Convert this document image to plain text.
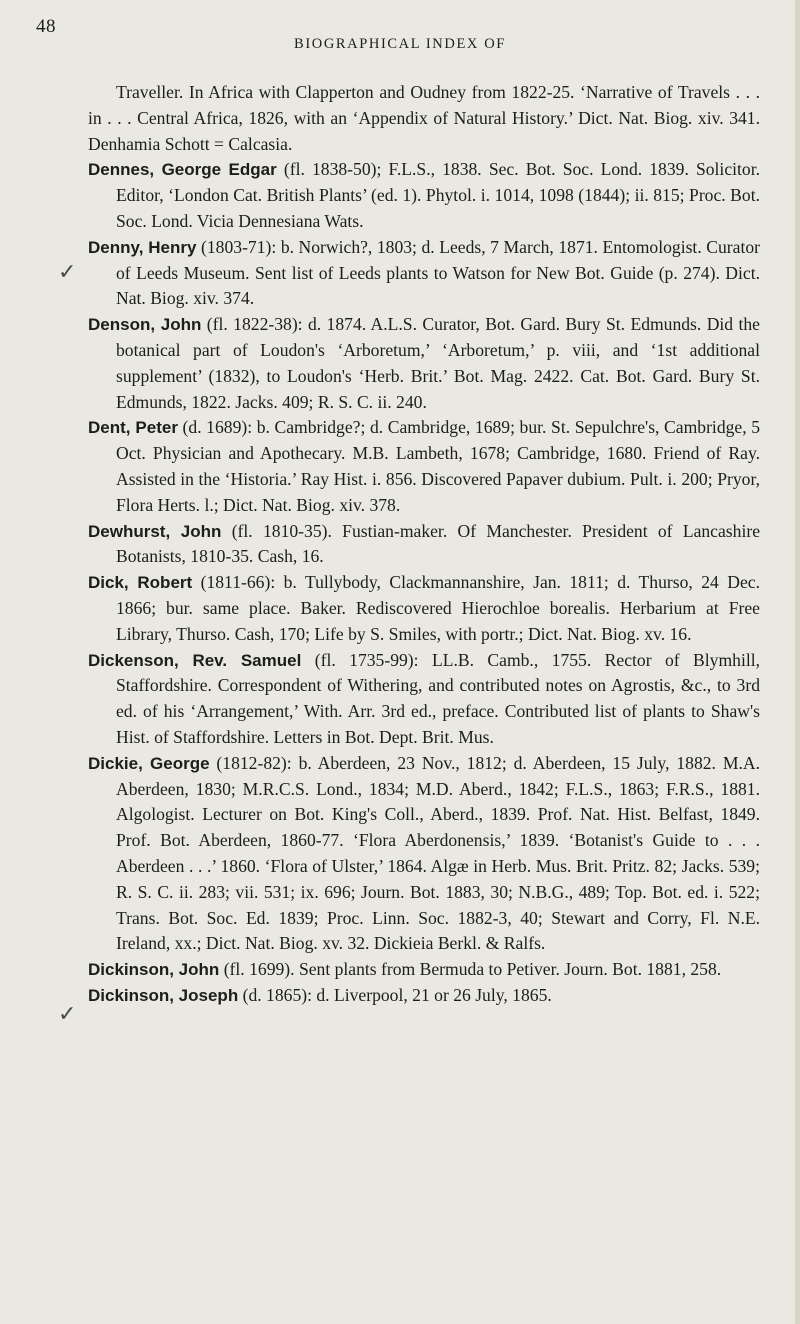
48
BIOGRAPHICAL INDEX OF
✓
✓

Traveller. In Africa with Clapperton and Oudney from 1822-25. ‘Narrative of Travels . . . in . . . Central Africa, 1826, with an ‘Appendix of Natural History.’ Dict. Nat. Biog. xiv. 341. Denhamia Schott = Calcasia.

Dennes, George Edgar (fl. 1838-50); F.L.S., 1838. Sec. Bot. Soc. Lond. 1839. Solicitor. Editor, ‘London Cat. British Plants’ (ed. 1). Phytol. i. 1014, 1098 (1844); ii. 815; Proc. Bot. Soc. Lond. Vicia Dennesiana Wats.

Denny, Henry (1803-71): b. Norwich?, 1803; d. Leeds, 7 March, 1871. Entomologist. Curator of Leeds Museum. Sent list of Leeds plants to Watson for New Bot. Guide (p. 274). Dict. Nat. Biog. xiv. 374.

Denson, John (fl. 1822-38): d. 1874. A.L.S. Curator, Bot. Gard. Bury St. Edmunds. Did the botanical part of Loudon's ‘Arboretum,’ ‘Arboretum,’ p. viii, and ‘1st additional supplement’ (1832), to Loudon's ‘Herb. Brit.’ Bot. Mag. 2422. Cat. Bot. Gard. Bury St. Edmunds, 1822. Jacks. 409; R. S. C. ii. 240.

Dent, Peter (d. 1689): b. Cambridge?; d. Cambridge, 1689; bur. St. Sepulchre's, Cambridge, 5 Oct. Physician and Apothecary. M.B. Lambeth, 1678; Cambridge, 1680. Friend of Ray. Assisted in the ‘Historia.’ Ray Hist. i. 856. Discovered Papaver dubium. Pult. i. 200; Pryor, Flora Herts. l.; Dict. Nat. Biog. xiv. 378.

Dewhurst, John (fl. 1810-35). Fustian-maker. Of Manchester. President of Lancashire Botanists, 1810-35. Cash, 16.

Dick, Robert (1811-66): b. Tullybody, Clackmannanshire, Jan. 1811; d. Thurso, 24 Dec. 1866; bur. same place. Baker. Rediscovered Hierochloe borealis. Herbarium at Free Library, Thurso. Cash, 170; Life by S. Smiles, with portr.; Dict. Nat. Biog. xv. 16.

Dickenson, Rev. Samuel (fl. 1735-99): LL.B. Camb., 1755. Rector of Blymhill, Staffordshire. Correspondent of Withering, and contributed notes on Agrostis, &c., to 3rd ed. of his ‘Arrangement,’ With. Arr. 3rd ed., preface. Contributed list of plants to Shaw's Hist. of Staffordshire. Letters in Bot. Dept. Brit. Mus.

Dickie, George (1812-82): b. Aberdeen, 23 Nov., 1812; d. Aberdeen, 15 July, 1882. M.A. Aberdeen, 1830; M.R.C.S. Lond., 1834; M.D. Aberd., 1842; F.L.S., 1863; F.R.S., 1881. Algologist. Lecturer on Bot. King's Coll., Aberd., 1839. Prof. Nat. Hist. Belfast, 1849. Prof. Bot. Aberdeen, 1860-77. ‘Flora Aberdonensis,’ 1839. ‘Botanist's Guide to . . . Aberdeen . . .’ 1860. ‘Flora of Ulster,’ 1864. Algæ in Herb. Mus. Brit. Pritz. 82; Jacks. 539; R. S. C. ii. 283; vii. 531; ix. 696; Journ. Bot. 1883, 30; N.B.G., 489; Top. Bot. ed. i. 522; Trans. Bot. Soc. Ed. 1839; Proc. Linn. Soc. 1882-3, 40; Stewart and Corry, Fl. N.E. Ireland, xx.; Dict. Nat. Biog. xv. 32. Dickieia Berkl. & Ralfs.

Dickinson, John (fl. 1699). Sent plants from Bermuda to Petiver. Journ. Bot. 1881, 258.

Dickinson, Joseph (d. 1865): d. Liverpool, 21 or 26 July, 1865.
